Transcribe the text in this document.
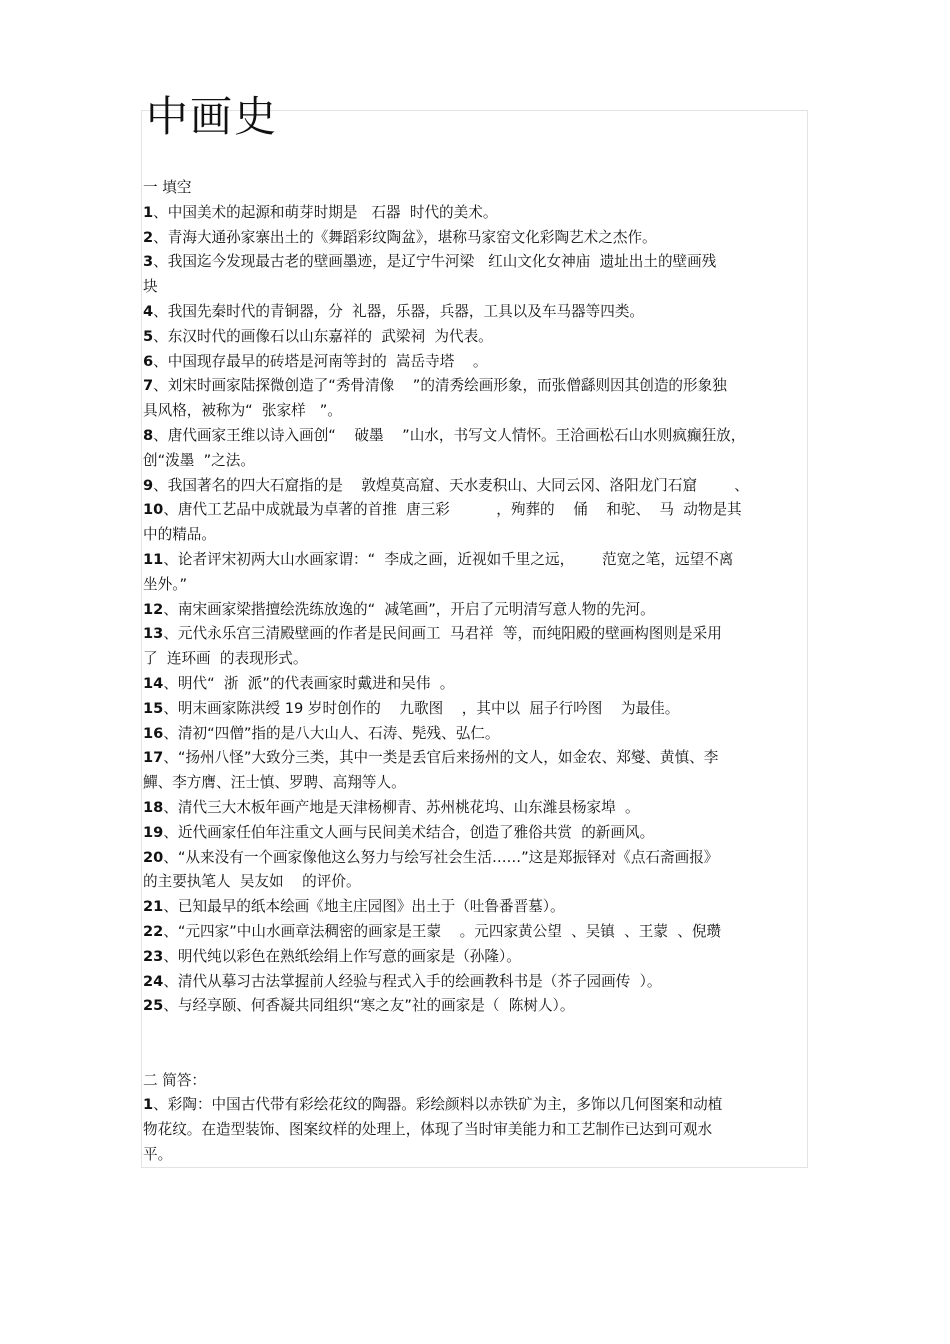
中画史
一 填空
1、中国美术的起源和萌芽时期是   石器  时代的美术。
2、青海大通孙家寨出土的《舞蹈彩纹陶盆》，堪称马家窑文化彩陶艺术之杰作。
3、我国迄今发现最古老的壁画墨迹，是辽宁牛河梁   红山文化女神庙  遗址出土的壁画残
块
4、我国先秦时代的青铜器，分  礼器，乐器，兵器，工具以及车马器等四类。
5、东汉时代的画像石以山东嘉祥的  武梁祠  为代表。
6、中国现存最早的砖塔是河南等封的  嵩岳寺塔    。
7、刘宋时画家陆探微创造了“秀骨清像    ”的清秀绘画形象，而张僧繇则因其创造的形象独
具风格，被称为“  张家样   ”。
8、唐代画家王维以诗入画创“    破墨    ”山水，书写文人情怀。王洽画松石山水则疯癫狂放，
创“泼墨  ”之法。
9、我国著名的四大石窟指的是    敦煌莫高窟、天水麦积山、大同云冈、洛阳龙门石窟        、
10、唐代工艺品中成就最为卓著的首推  唐三彩          ，殉葬的    俑    和驼、  马  动物是其
中的精品。
11、论者评宋初两大山水画家谓：“  李成之画，近视如千里之远，      范宽之笔，远望不离
坐外。”
12、南宋画家梁揩擅绘洗练放逸的“  减笔画”，开启了元明清写意人物的先河。
13、元代永乐宫三清殿壁画的作者是民间画工  马君祥  等，而纯阳殿的壁画构图则是采用
了  连环画  的表现形式。
14、明代“  浙  派”的代表画家时戴进和吴伟  。
15、明末画家陈洪绶 19 岁时创作的    九歌图    ，其中以  屈子行吟图    为最佳。
16、清初“四僧”指的是八大山人、石涛、髡残、弘仁。
17、“扬州八怪”大致分三类，其中一类是丢官后来扬州的文人，如金农、郑燮、黄慎、李
鱓、李方膺、汪士慎、罗聘、高翔等人。
18、清代三大木板年画产地是天津杨柳青、苏州桃花坞、山东潍县杨家埠  。
19、近代画家任伯年注重文人画与民间美术结合，创造了雅俗共赏  的新画风。
20、“从来没有一个画家像他这么努力与绘写社会生活……”这是郑振铎对《点石斋画报》
的主要执笔人  吴友如    的评价。
21、已知最早的纸本绘画《地主庄园图》出土于（吐鲁番晋墓）。
22、“元四家”中山水画章法稠密的画家是王蒙    。元四家黄公望  、吴镇  、王蒙  、倪瓒
23、明代纯以彩色在熟纸绘绢上作写意的画家是（孙隆）。
24、清代从摹习古法掌握前人经验与程式入手的绘画教科书是（芥子园画传  ）。
25、与经享颐、何香凝共同组织“寒之友”社的画家是（  陈树人）。
二 简答：
1、彩陶：中国古代带有彩绘花纹的陶器。彩绘颜料以赤铁矿为主，多饰以几何图案和动植
物花纹。在造型装饰、图案纹样的处理上，体现了当时审美能力和工艺制作已达到可观水
平。
